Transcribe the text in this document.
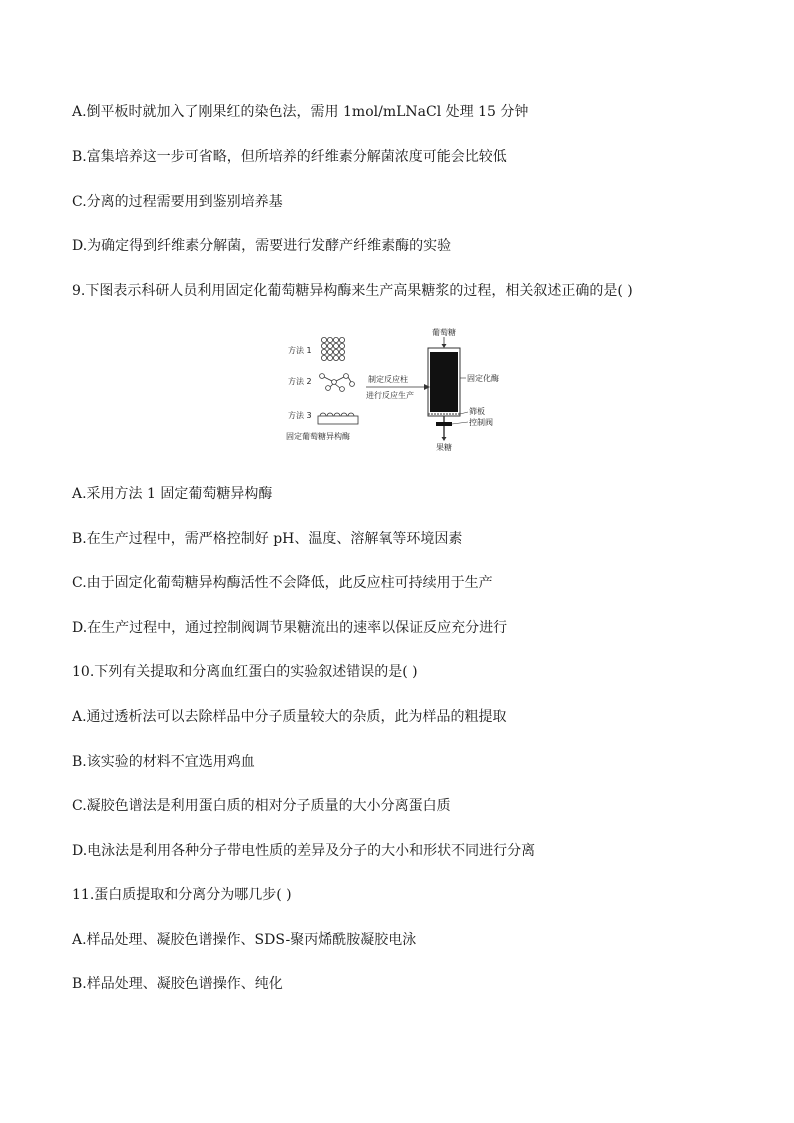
A.倒平板时就加入了刚果红的染色法，需用 1mol/mLNaCl 处理 15 分钟
B.富集培养这一步可省略，但所培养的纤维素分解菌浓度可能会比较低
C.分离的过程需要用到鉴别培养基
D.为确定得到纤维素分解菌，需要进行发酵产纤维素酶的实验
9.下图表示科研人员利用固定化葡萄糖异构酶来生产高果糖浆的过程，相关叙述正确的是( )
方法 1
方法 2
方法 3
固定葡萄糖异构酶
制定反应柱
进行反应生产
葡萄糖
固定化酶
筛板
控制阀
果糖
A.采用方法 1 固定葡萄糖异构酶
B.在生产过程中，需严格控制好 pH、温度、溶解氧等环境因素
C.由于固定化葡萄糖异构酶活性不会降低，此反应柱可持续用于生产
D.在生产过程中，通过控制阀调节果糖流出的速率以保证反应充分进行
10.下列有关提取和分离血红蛋白的实验叙述错误的是( )
A.通过透析法可以去除样品中分子质量较大的杂质，此为样品的粗提取
B.该实验的材料不宜选用鸡血
C.凝胶色谱法是利用蛋白质的相对分子质量的大小分离蛋白质
D.电泳法是利用各种分子带电性质的差异及分子的大小和形状不同进行分离
11.蛋白质提取和分离分为哪几步( )
A.样品处理、凝胶色谱操作、SDS-聚丙烯酰胺凝胶电泳
B.样品处理、凝胶色谱操作、纯化
